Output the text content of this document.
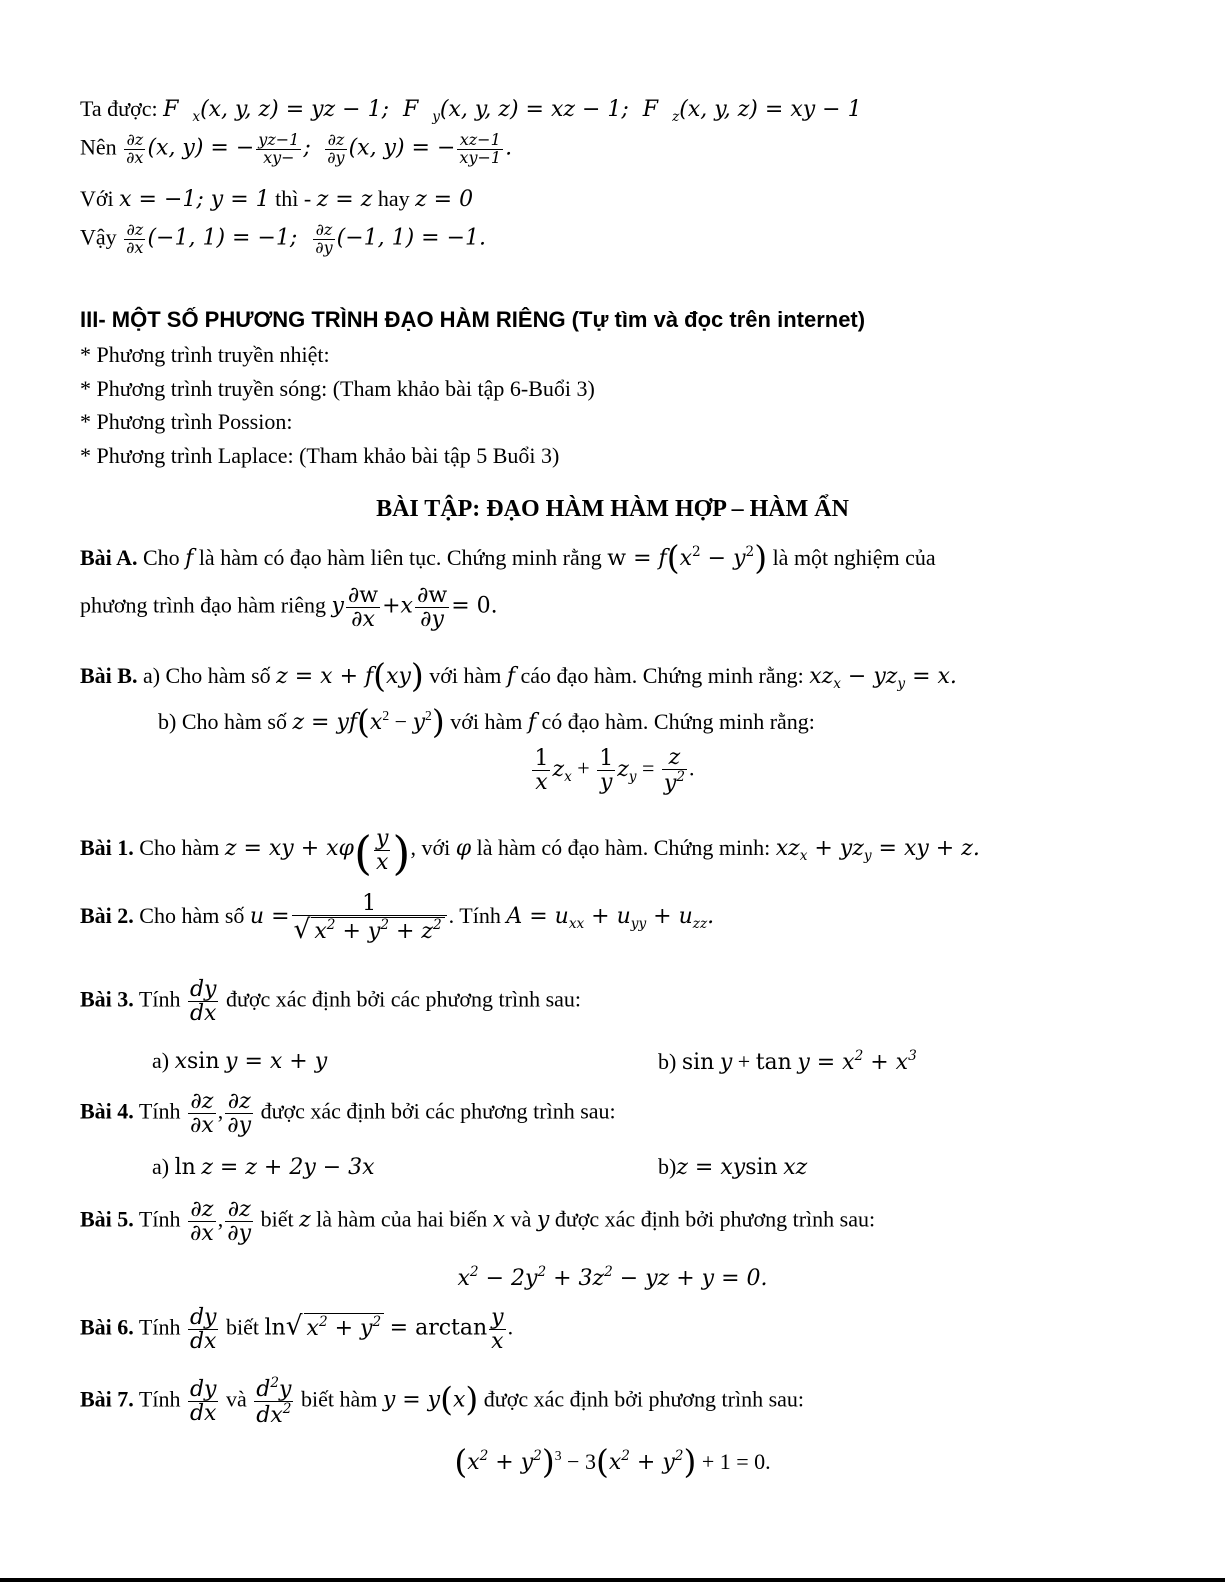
Ta được: F  $_x$(x, y, z) = yz − 1;  F  $_y$(x, y, z) = xz − 1;  F  $_z$(x, y, z) = xy − 1
Nên $\frac{\partial z}{\partial x} (x$, y) = − $\frac{yz-1}{xy-}$ ; $\frac{\partial z}{\partial y} (x$, y) = − $\frac{xz-1}{xy-1}$ .
Với x = −1; y = 1 thì - z = z hay z = 0
Vậy $\frac{\partial z}{\partial x} (-1$, 1) = −1; $\frac{\partial z}{\partial y} (-1$, 1) = −1.
III- MỘT SỐ PHƯƠNG TRÌNH ĐẠO HÀM RIÊNG (Tự tìm và đọc trên internet)
* Phương trình truyền nhiệt:
* Phương trình truyền sóng: (Tham khảo bài tập 6-Buổi 3)
* Phương trình Possion:
* Phương trình Laplace: (Tham khảo bài tập 5 Buổi 3)
BÀI TẬP: ĐẠO HÀM HÀM HỢP – HÀM ẨN
Bài A. Cho f là hàm có đạo hàm liên tục. Chứng minh rằng $w = f(x^2 - y^2)$ là một nghiệm của
phương trình đạo hàm riêng y $\frac{\partial w}{\partial x} +x \frac{\partial w}{\partial y} = 0$.
Bài B. a) Cho hàm số z = x + f(xy) với hàm f cáo đạo hàm. Chứng minh rằng: $xz_x - yz_y = x$.
b) Cho hàm số $z = yf(x^2 - y^2)$ với hàm f có đạo hàm. Chứng minh rằng:
$\frac{1}{x} z_x + \frac{1}{y} z_y = \frac{z}{y^2}$ .
Bài 1. Cho hàm z = xy + $x\varphi( \frac{y}{x}$ ), với φ là hàm có đạo hàm. Chứng minh: $xz_x + yz_y$ = xy + z.
Bài 2. Cho hàm số $u = \frac{1}{√ x^2 + y^2 + z^2}$ . Tính $A = u_{xx} + u_{yy} + u_{zz}$.
Bài 3. Tính $\frac{dy}{dx}$ được xác định bởi các phương trình sau:
a) xsin y = x + y	b) $\sin y + \tan y = x^2 + x^3$
Bài 4. Tính $\frac{\partial z}{\partial x}$ , $\frac{\partial z}{\partial y}$ được xác định bởi các phương trình sau:
a) ln z = z + 2y − 3x	b)z = xysin xz
Bài 5. Tính $\frac{\partial z}{\partial x}$ , $\frac{\partial z}{\partial y}$ biết z là hàm của hai biến x và y được xác định bởi phương trình sau:
$x^2 - 2y^2 + 3z^2$ − yz + y = 0.
Bài 6. Tính $\frac{dy}{dx}$ biết ln√ $x^2 + y^2 = \arctan \frac{y}{x}$ .
Bài 7. Tính $\frac{dy}{dx}$ và $\frac{d^2y}{dx^2}$ biết hàm y = y(x) được xác định bởi phương trình sau:
$(x^2 + y^2)^3 - 3(x^2 + y^2) + 1 = 0$.
